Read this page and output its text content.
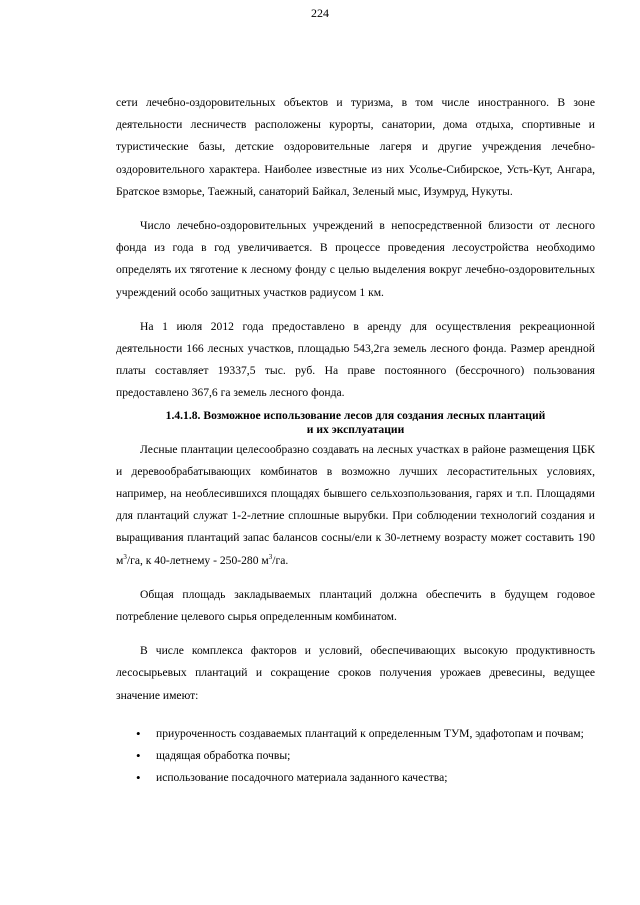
224

сети лечебно-оздоровительных объектов и туризма, в том числе иностранного. В зоне деятельности лесничеств расположены курорты, санатории, дома отдыха, спортивные и туристические базы, детские оздоровительные лагеря и другие учреждения лечебно-оздоровительного характера. Наиболее известные из них Усолье-Сибирское, Усть-Кут, Ангара, Братское взморье, Таежный, санаторий Байкал, Зеленый мыс, Изумруд, Нукуты.

Число лечебно-оздоровительных учреждений в непосредственной близости от лесного фонда из года в год увеличивается. В процессе проведения лесоустройства необходимо определять их тяготение к лесному фонду с целью выделения вокруг лечебно-оздоровительных учреждений особо защитных участков радиусом 1 км.

На 1 июля 2012 года предоставлено в аренду для осуществления рекреационной деятельности 166 лесных участков, площадью 543,2га земель лесного фонда. Размер арендной платы составляет 19337,5 тыс. руб. На праве постоянного (бессрочного) пользования предоставлено 367,6 га земель лесного фонда.

1.4.1.8. Возможное использование лесов для создания лесных плантаций
и их эксплуатации

Лесные плантации целесообразно создавать на лесных участках в районе размещения ЦБК и деревообрабатывающих комбинатов в возможно лучших лесорастительных условиях, например, на необлесившихся площадях бывшего сельхозпользования, гарях и т.п. Площадями для плантаций служат 1-2-летние сплошные вырубки. При соблюдении технологий создания и выращивания плантаций запас балансов сосны/ели к 30-летнему возрасту может составить 190 $м^3/га$, к 40-летнему - 250-280 $м^3/га$.

Общая площадь закладываемых плантаций должна обеспечить в будущем годовое потребление целевого сырья определенным комбинатом.

В числе комплекса факторов и условий, обеспечивающих высокую продуктивность лесосырьевых плантаций и сокращение сроков получения урожаев древесины, ведущее значение имеют:

• приуроченность создаваемых плантаций к определенным ТУМ, эдафотопам и почвам;
• щадящая обработка почвы;
• использование посадочного материала заданного качества;
